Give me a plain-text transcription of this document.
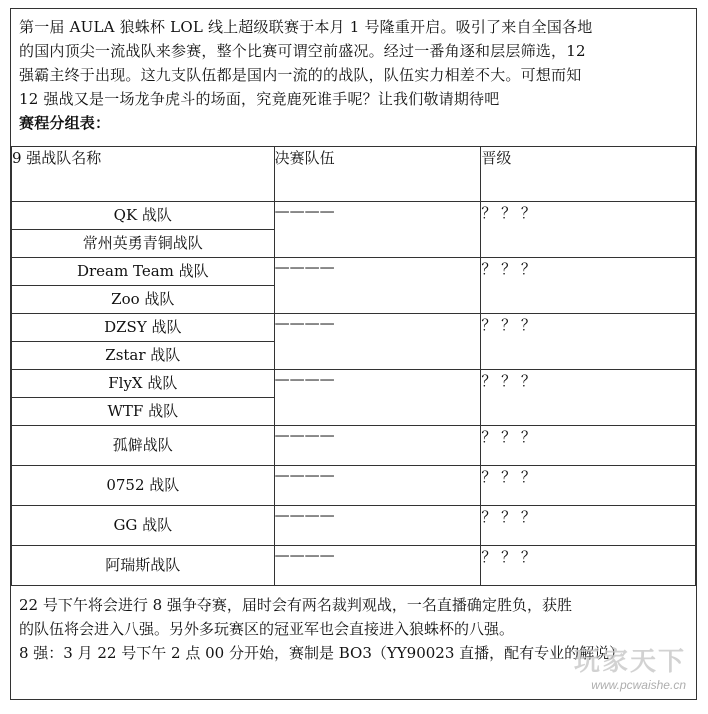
第一届 AULA 狼蛛杯 LOL 线上超级联赛于本月 1 号隆重开启。吸引了来自全国各地

的国内顶尖一流战队来参赛，整个比赛可谓空前盛况。经过一番角逐和层层筛选，12

强霸主终于出现。这九支队伍都是国内一流的的战队，队伍实力相差不大。可想而知

12 强战又是一场龙争虎斗的场面，究竟鹿死谁手呢？让我们敬请期待吧

赛程分组表：

9 强战队名称	决赛队伍	晋级
QK 战队	————	？ ？ ？
常州英勇青铜战队		
Dream Team 战队	————	？ ？ ？
Zoo 战队		
DZSY 战队	————	？ ？ ？
Zstar 战队		
FlyX 战队	————	？ ？ ？
WTF 战队		
孤僻战队	————	？ ？ ？
0752 战队	————	？ ？ ？
GG 战队	————	？ ？ ？
阿瑞斯战队	————	？ ？ ？

22 号下午将会进行 8 强争夺赛，届时会有两名裁判观战，一名直播确定胜负，获胜

的队伍将会进入八强。另外多玩赛区的冠亚军也会直接进入狼蛛杯的八强。

8 强：3 月 22 号下午 2 点 00 分开始，赛制是 BO3（YY90023 直播，配有专业的解说）

玩家天下
www.pcwaishe.cn
